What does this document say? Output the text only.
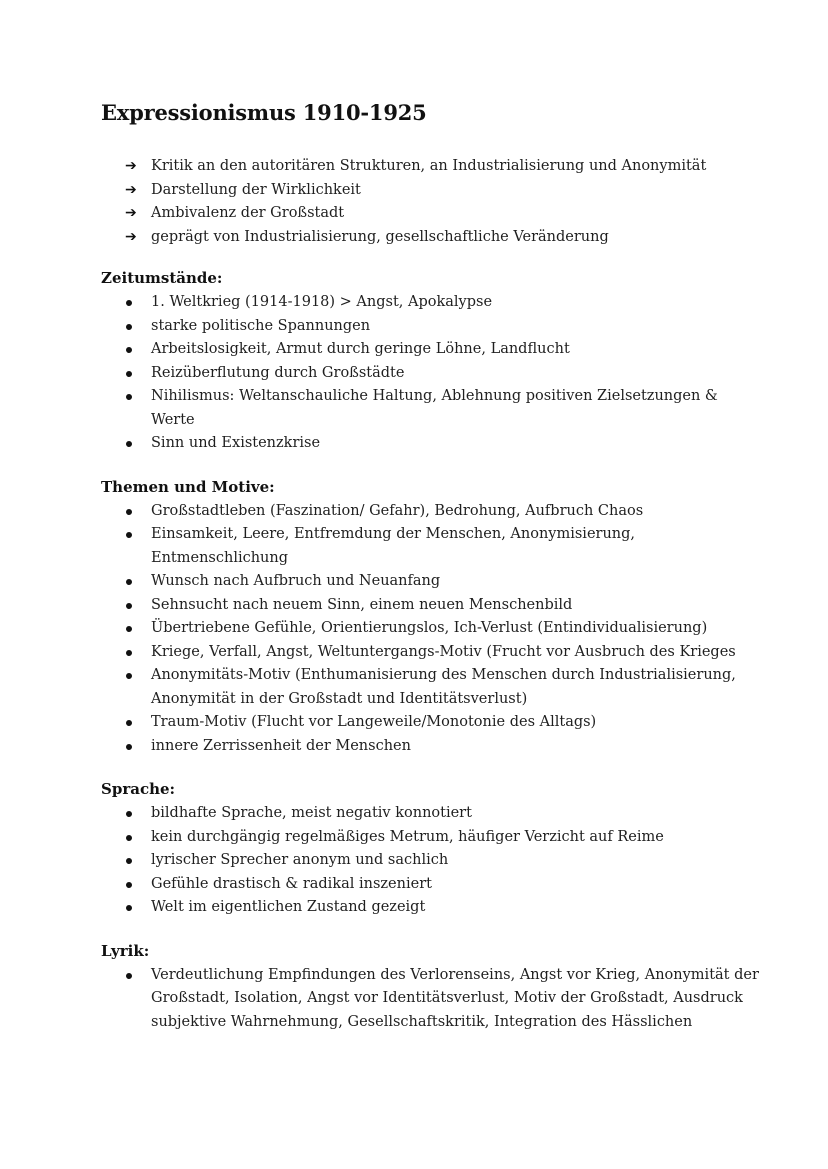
Expressionismus 1910-1925
➔ Kritik an den autoritären Strukturen, an Industrialisierung und Anonymität
➔ Darstellung der Wirklichkeit
➔ Ambivalenz der Großstadt
➔ geprägt von Industrialisierung, gesellschaftliche Veränderung
Zeitumstände:
1. Weltkrieg (1914-1918) > Angst, Apokalypse
starke politische Spannungen
Arbeitslosigkeit, Armut durch geringe Löhne, Landflucht
Reizüberflutung durch Großstädte
Nihilismus: Weltanschauliche Haltung, Ablehnung positiven Zielsetzungen & Werte
Sinn und Existenzkrise
Themen und Motive:
Großstadtleben (Faszination/ Gefahr), Bedrohung, Aufbruch Chaos
Einsamkeit, Leere, Entfremdung der Menschen, Anonymisierung, Entmenschlichung
Wunsch nach Aufbruch und Neuanfang
Sehnsucht nach neuem Sinn, einem neuen Menschenbild
Übertriebene Gefühle, Orientierungslos, Ich-Verlust (Entindividualisierung)
Kriege, Verfall, Angst, Weltuntergangs-Motiv (Frucht vor Ausbruch des Krieges
Anonymitäts-Motiv (Enthumanisierung des Menschen durch Industrialisierung, Anonymität in der Großstadt und Identitätsverlust)
Traum-Motiv (Flucht vor Langeweile/Monotonie des Alltags)
innere Zerrissenheit der Menschen
Sprache:
bildhafte Sprache, meist negativ konnotiert
kein durchgängig regelmäßiges Metrum, häufiger Verzicht auf Reime
lyrischer Sprecher anonym und sachlich
Gefühle drastisch & radikal inszeniert
Welt im eigentlichen Zustand gezeigt
Lyrik:
Verdeutlichung Empfindungen des Verlorenseins, Angst vor Krieg, Anonymität der Großstadt, Isolation, Angst vor Identitätsverlust, Motiv der Großstadt, Ausdruck subjektive Wahrnehmung, Gesellschaftskritik, Integration des Hässlichen
